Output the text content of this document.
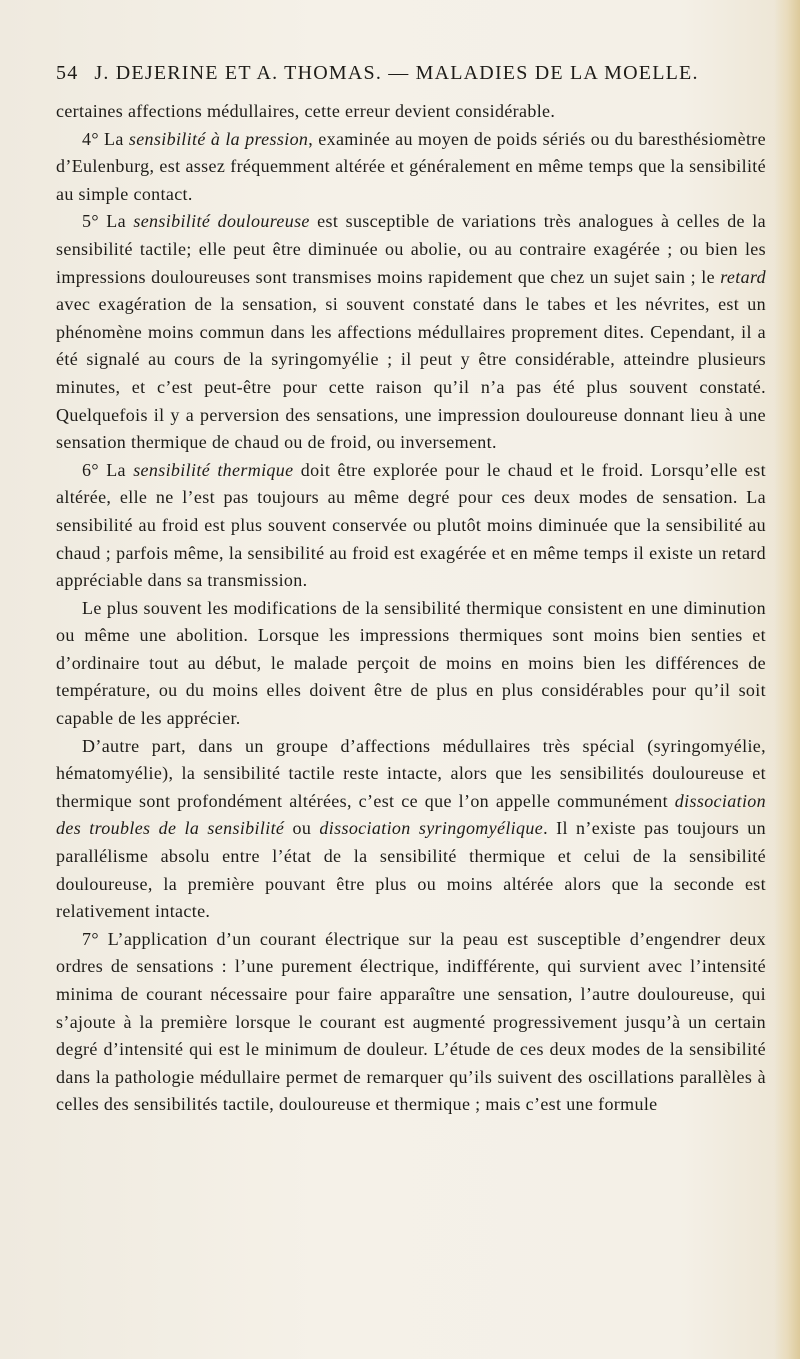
54 J. DEJERINE ET A. THOMAS. — MALADIES DE LA MOELLE.

certaines affections médullaires, cette erreur devient considérable.

4° La sensibilité à la pression, examinée au moyen de poids sériés ou du baresthésiomètre d’Eulenburg, est assez fréquemment altérée et généralement en même temps que la sensibilité au simple contact.

5° La sensibilité douloureuse est susceptible de variations très analogues à celles de la sensibilité tactile; elle peut être diminuée ou abolie, ou au contraire exagérée ; ou bien les impressions douloureuses sont transmises moins rapidement que chez un sujet sain ; le retard avec exagération de la sensation, si souvent constaté dans le tabes et les névrites, est un phénomène moins commun dans les affections médullaires proprement dites. Cependant, il a été signalé au cours de la syringomyélie ; il peut y être considérable, atteindre plusieurs minutes, et c’est peut-être pour cette raison qu’il n’a pas été plus souvent constaté. Quelquefois il y a perversion des sensations, une impression douloureuse donnant lieu à une sensation thermique de chaud ou de froid, ou inversement.

6° La sensibilité thermique doit être explorée pour le chaud et le froid. Lorsqu’elle est altérée, elle ne l’est pas toujours au même degré pour ces deux modes de sensation. La sensibilité au froid est plus souvent conservée ou plutôt moins diminuée que la sensibilité au chaud ; parfois même, la sensibilité au froid est exagérée et en même temps il existe un retard appréciable dans sa transmission.

Le plus souvent les modifications de la sensibilité thermique consistent en une diminution ou même une abolition. Lorsque les impressions thermiques sont moins bien senties et d’ordinaire tout au début, le malade perçoit de moins en moins bien les différences de température, ou du moins elles doivent être de plus en plus considérables pour qu’il soit capable de les apprécier.

D’autre part, dans un groupe d’affections médullaires très spécial (syringomyélie, hématomyélie), la sensibilité tactile reste intacte, alors que les sensibilités douloureuse et thermique sont profondément altérées, c’est ce que l’on appelle communément dissociation des troubles de la sensibilité ou dissociation syringomyélique. Il n’existe pas toujours un parallélisme absolu entre l’état de la sensibilité thermique et celui de la sensibilité douloureuse, la première pouvant être plus ou moins altérée alors que la seconde est relativement intacte.

7° L’application d’un courant électrique sur la peau est susceptible d’engendrer deux ordres de sensations : l’une purement électrique, indifférente, qui survient avec l’intensité minima de courant nécessaire pour faire apparaître une sensation, l’autre douloureuse, qui s’ajoute à la première lorsque le courant est augmenté progressivement jusqu’à un certain degré d’intensité qui est le minimum de douleur. L’étude de ces deux modes de la sensibilité dans la pathologie médullaire permet de remarquer qu’ils suivent des oscillations parallèles à celles des sensibilités tactile, douloureuse et thermique ; mais c’est une formule
